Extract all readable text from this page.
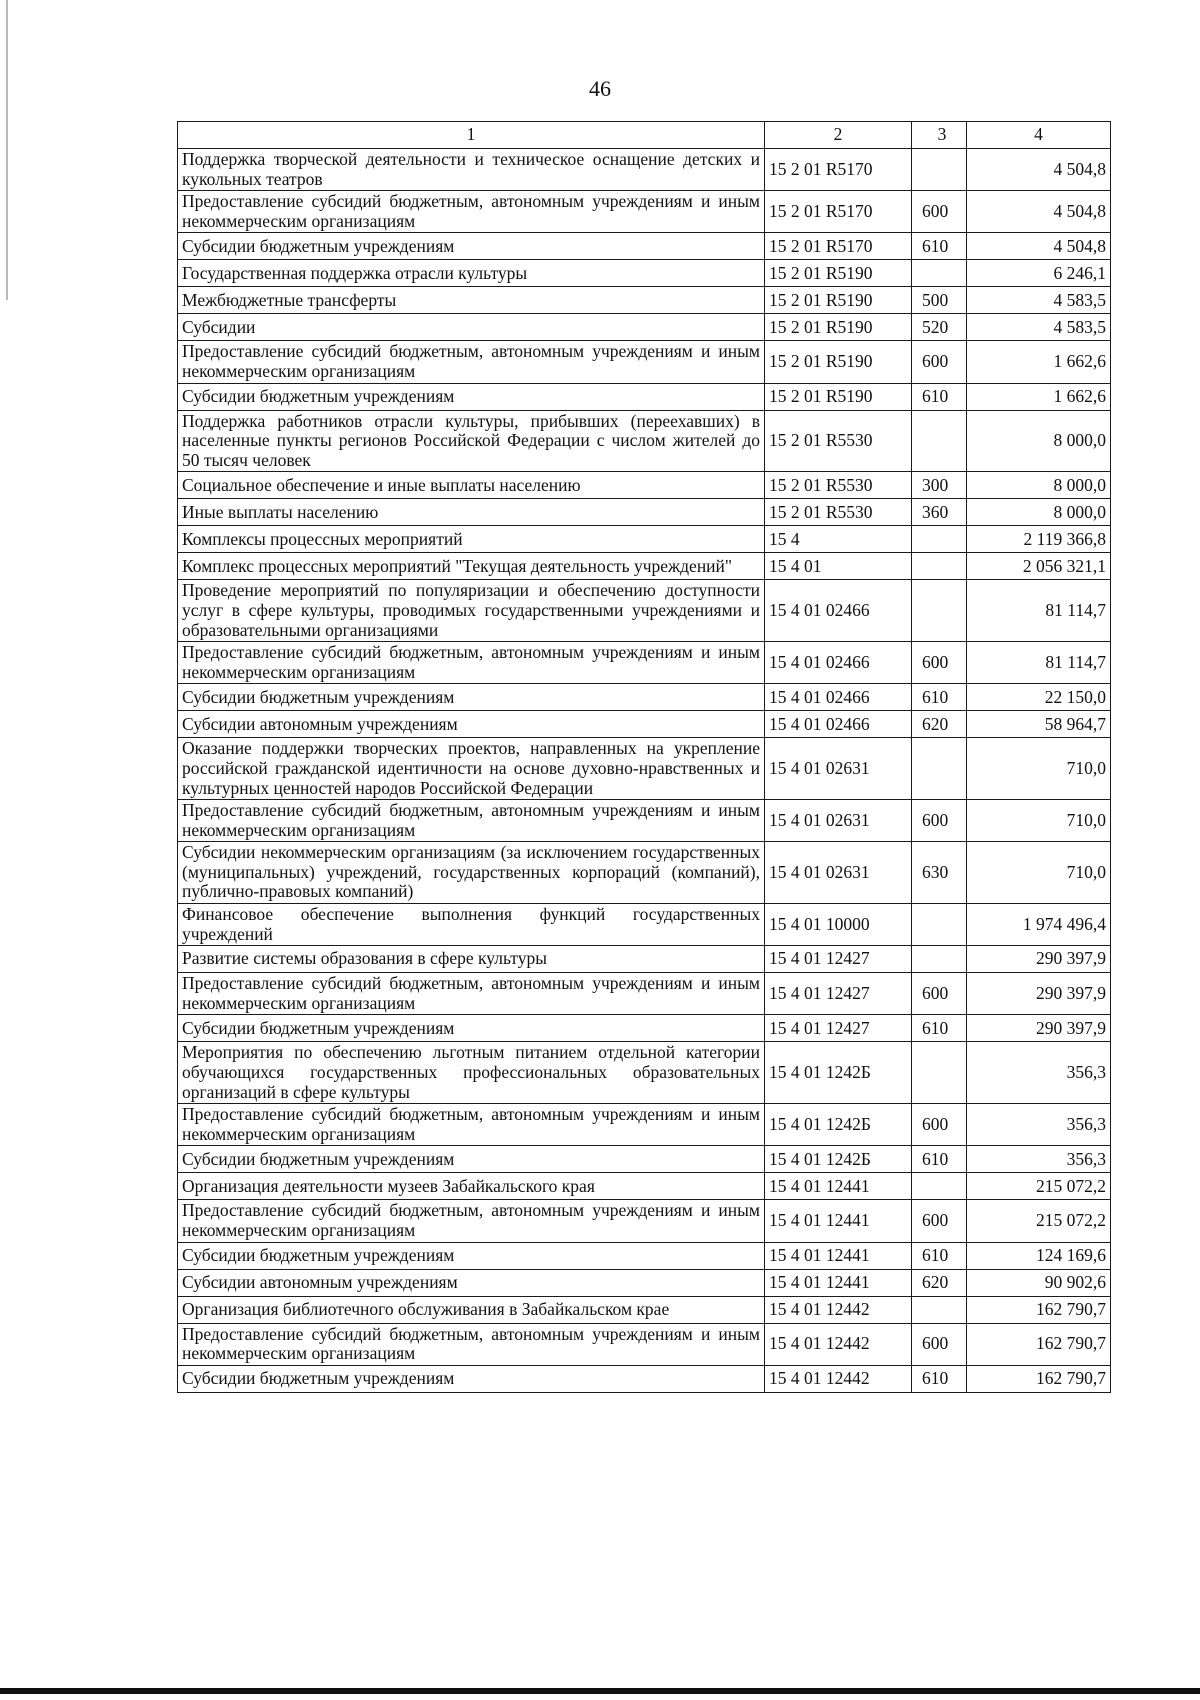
46
1	2	3	4
Поддержка творческой деятельности и техническое оснащение детских и кукольных театров	15 2 01 R5170		4 504,8
Предоставление субсидий бюджетным, автономным учреждениям и иным некоммерческим организациям	15 2 01 R5170	600	4 504,8
Субсидии бюджетным учреждениям	15 2 01 R5170	610	4 504,8
Государственная поддержка отрасли культуры	15 2 01 R5190		6 246,1
Межбюджетные трансферты	15 2 01 R5190	500	4 583,5
Субсидии	15 2 01 R5190	520	4 583,5
Предоставление субсидий бюджетным, автономным учреждениям и иным некоммерческим организациям	15 2 01 R5190	600	1 662,6
Субсидии бюджетным учреждениям	15 2 01 R5190	610	1 662,6
Поддержка работников отрасли культуры, прибывших (переехавших) в населенные пункты регионов Российской Федерации с числом жителей до 50 тысяч человек	15 2 01 R5530		8 000,0
Социальное обеспечение и иные выплаты населению	15 2 01 R5530	300	8 000,0
Иные выплаты населению	15 2 01 R5530	360	8 000,0
Комплексы процессных мероприятий	15 4		2 119 366,8
Комплекс процессных мероприятий "Текущая деятельность учреждений"	15 4 01		2 056 321,1
Проведение мероприятий по популяризации и обеспечению доступности услуг в сфере культуры, проводимых государственными учреждениями и образовательными организациями	15 4 01 02466		81 114,7
Предоставление субсидий бюджетным, автономным учреждениям и иным некоммерческим организациям	15 4 01 02466	600	81 114,7
Субсидии бюджетным учреждениям	15 4 01 02466	610	22 150,0
Субсидии автономным учреждениям	15 4 01 02466	620	58 964,7
Оказание поддержки творческих проектов, направленных на укрепление российской гражданской идентичности на основе духовно-нравственных и культурных ценностей народов Российской Федерации	15 4 01 02631		710,0
Предоставление субсидий бюджетным, автономным учреждениям и иным некоммерческим организациям	15 4 01 02631	600	710,0
Субсидии некоммерческим организациям (за исключением государственных (муниципальных) учреждений, государственных корпораций (компаний), публично-правовых компаний)	15 4 01 02631	630	710,0
Финансовое обеспечение выполнения функций государственных учреждений	15 4 01 10000		1 974 496,4
Развитие системы образования в сфере культуры	15 4 01 12427		290 397,9
Предоставление субсидий бюджетным, автономным учреждениям и иным некоммерческим организациям	15 4 01 12427	600	290 397,9
Субсидии бюджетным учреждениям	15 4 01 12427	610	290 397,9
Мероприятия по обеспечению льготным питанием отдельной категории обучающихся государственных профессиональных образовательных организаций в сфере культуры	15 4 01 1242Б		356,3
Предоставление субсидий бюджетным, автономным учреждениям и иным некоммерческим организациям	15 4 01 1242Б	600	356,3
Субсидии бюджетным учреждениям	15 4 01 1242Б	610	356,3
Организация деятельности музеев Забайкальского края	15 4 01 12441		215 072,2
Предоставление субсидий бюджетным, автономным учреждениям и иным некоммерческим организациям	15 4 01 12441	600	215 072,2
Субсидии бюджетным учреждениям	15 4 01 12441	610	124 169,6
Субсидии автономным учреждениям	15 4 01 12441	620	90 902,6
Организация библиотечного обслуживания в Забайкальском крае	15 4 01 12442		162 790,7
Предоставление субсидий бюджетным, автономным учреждениям и иным некоммерческим организациям	15 4 01 12442	600	162 790,7
Субсидии бюджетным учреждениям	15 4 01 12442	610	162 790,7
